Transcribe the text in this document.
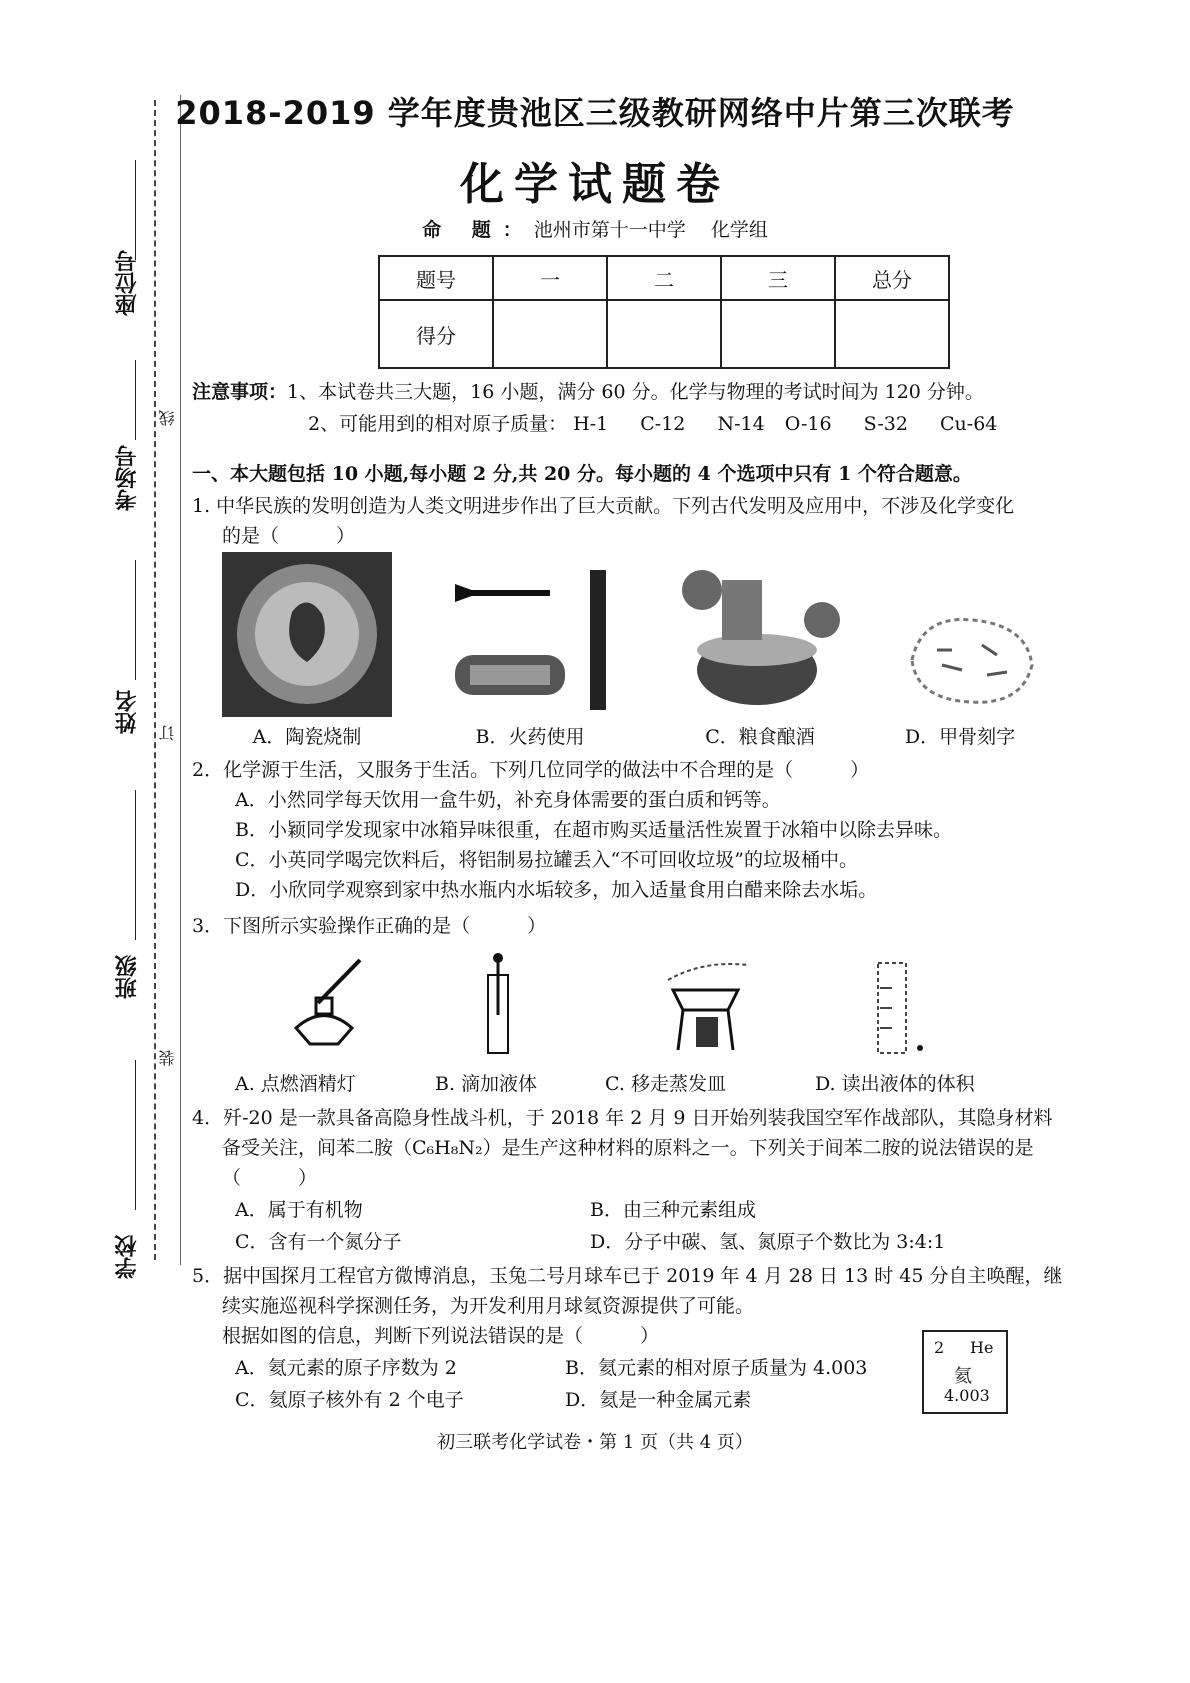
座位号
考场号
姓名
班级
学校
线
订
装
2018-2019 学年度贵池区三级教研网络中片第三次联考
化学试题卷
命 题：池州市第十一中学　 化学组
题号	一	二	三	总分
得分				
注意事项：1、本试卷共三大题，16 小题，满分 60 分。化学与物理的考试时间为 120 分钟。
2、可能用到的相对原子质量： H-1 C-12 N-14 O-16 S-32 Cu-64
一、本大题包括 10 小题,每小题 2 分,共 20 分。每小题的 4 个选项中只有 1 个符合题意。
1. 中华民族的发明创造为人类文明进步作出了巨大贡献。下列古代发明及应用中，不涉及化学变化
的是（　　　）
A．陶瓷烧制	B．火药使用	C．粮食酿酒	D．甲骨刻字
2．化学源于生活，又服务于生活。下列几位同学的做法中不合理的是（　　　）
A．小然同学每天饮用一盒牛奶，补充身体需要的蛋白质和钙等。
B．小颖同学发现家中冰箱异味很重，在超市购买适量活性炭置于冰箱中以除去异味。
C．小英同学喝完饮料后，将铝制易拉罐丢入“不可回收垃圾”的垃圾桶中。
D．小欣同学观察到家中热水瓶内水垢较多，加入适量食用白醋来除去水垢。
3．下图所示实验操作正确的是（　　　）
A. 点燃酒精灯	B. 滴加液体	C. 移走蒸发皿	D. 读出液体的体积
4．歼-20 是一款具备高隐身性战斗机，于 2018 年 2 月 9 日开始列装我国空军作战部队，其隐身材料
备受关注，间苯二胺（C₆H₈N₂）是生产这种材料的原料之一。下列关于间苯二胺的说法错误的是
（　　　）
A．属于有机物	B．由三种元素组成
C．含有一个氮分子	D．分子中碳、氢、氮原子个数比为 3:4:1
5．据中国探月工程官方微博消息，玉兔二号月球车已于 2019 年 4 月 28 日 13 时 45 分自主唤醒，继
续实施巡视科学探测任务，为开发利用月球氦资源提供了可能。
根据如图的信息，判断下列说法错误的是（　　　）
A．氦元素的原子序数为 2	B．氦元素的相对原子质量为 4.003
C．氦原子核外有 2 个电子	D．氦是一种金属元素
2 He
氦
4.003
初三联考化学试卷・第 1 页（共 4 页）
